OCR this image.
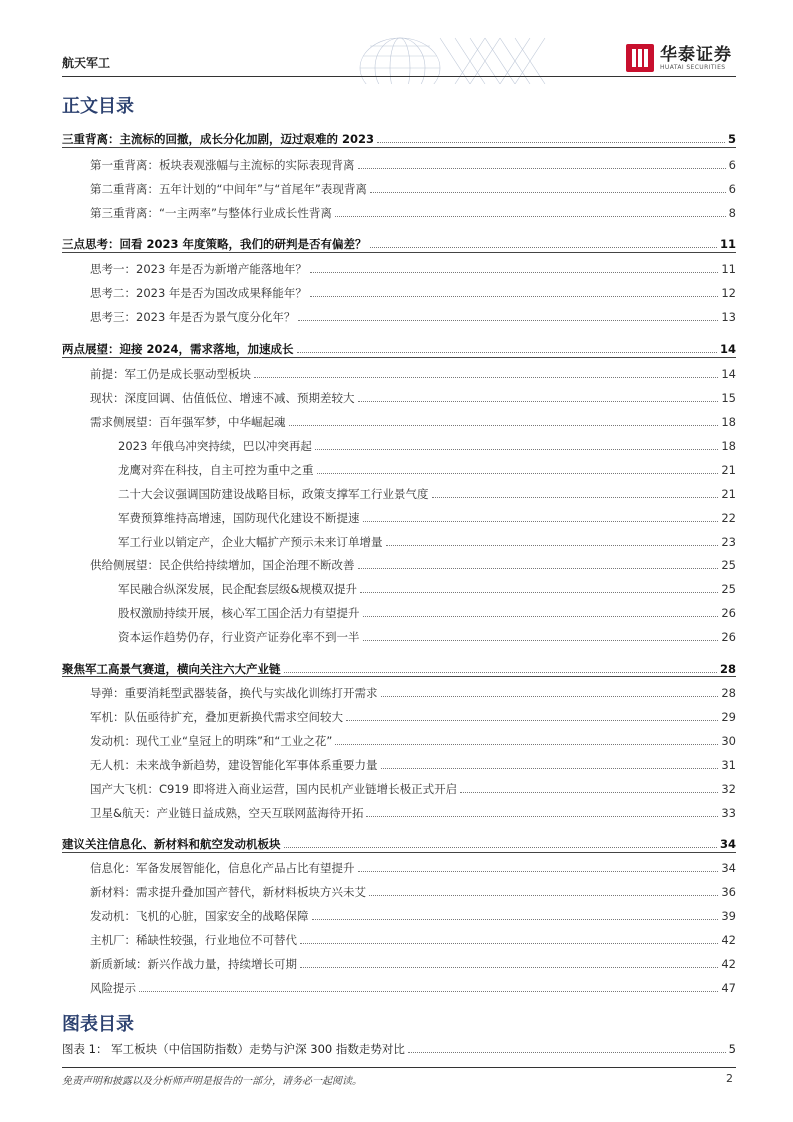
航天军工	华泰证券
HUATAI SECURITIES
正文目录
三重背离：主流标的回撤，成长分化加剧，迈过艰难的 2023	5
第一重背离：板块表观涨幅与主流标的实际表现背离	6
第二重背离：五年计划的“中间年”与“首尾年”表现背离	6
第三重背离：“一主两率”与整体行业成长性背离	8
三点思考：回看 2023 年度策略，我们的研判是否有偏差？	11
思考一：2023 年是否为新增产能落地年？	11
思考二：2023 年是否为国改成果释能年？	12
思考三：2023 年是否为景气度分化年？	13
两点展望：迎接 2024，需求落地，加速成长	14
前提：军工仍是成长驱动型板块	14
现状：深度回调、估值低位、增速不减、预期差较大	15
需求侧展望：百年强军梦，中华崛起魂	18
2023 年俄乌冲突持续，巴以冲突再起	18
龙鹰对弈在科技，自主可控为重中之重	21
二十大会议强调国防建设战略目标，政策支撑军工行业景气度	21
军费预算维持高增速，国防现代化建设不断提速	22
军工行业以销定产，企业大幅扩产预示未来订单增量	23
供给侧展望：民企供给持续增加，国企治理不断改善	25
军民融合纵深发展，民企配套层级&规模双提升	25
股权激励持续开展，核心军工国企活力有望提升	26
资本运作趋势仍存，行业资产证券化率不到一半	26
聚焦军工高景气赛道，横向关注六大产业链	28
导弹：重要消耗型武器装备，换代与实战化训练打开需求	28
军机：队伍亟待扩充，叠加更新换代需求空间较大	29
发动机：现代工业“皇冠上的明珠”和“工业之花”	30
无人机：未来战争新趋势，建设智能化军事体系重要力量	31
国产大飞机：C919 即将进入商业运营，国内民机产业链增长极正式开启	32
卫星&航天：产业链日益成熟，空天互联网蓝海待开拓	33
建议关注信息化、新材料和航空发动机板块	34
信息化：军备发展智能化，信息化产品占比有望提升	34
新材料：需求提升叠加国产替代，新材料板块方兴未艾	36
发动机：飞机的心脏，国家安全的战略保障	39
主机厂：稀缺性较强，行业地位不可替代	42
新质新域：新兴作战力量，持续增长可期	42
风险提示	47
图表目录
图表 1： 军工板块（中信国防指数）走势与沪深 300 指数走势对比	5
免责声明和披露以及分析师声明是报告的一部分，请务必一起阅读。	2
